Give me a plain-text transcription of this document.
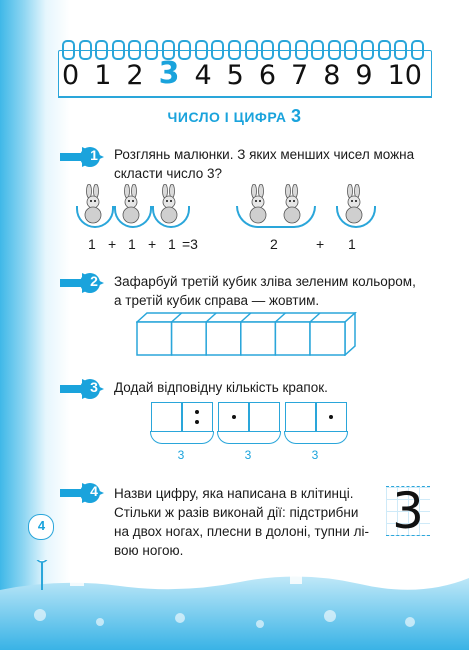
0 1 2 3 4 5 6 7 8 9 10
ЧИСЛО І ЦИФРА 3
1	Розглянь малюнки. З яких менших чисел можна
скласти число 3?
1 + 1 + 1 =3	2	+ 1
2	Зафарбуй третій кубик зліва зеленим кольором,
а третій кубик справа — жовтим.
3	Додай відповідну кількість крапок.
3	3	3
4	Назви цифру, яка написана в клітинці.
Стільки ж разів виконай дії: підстрибни
на двох ногах, плесни в долоні, тупни лі-
вою ногою.
3
4
